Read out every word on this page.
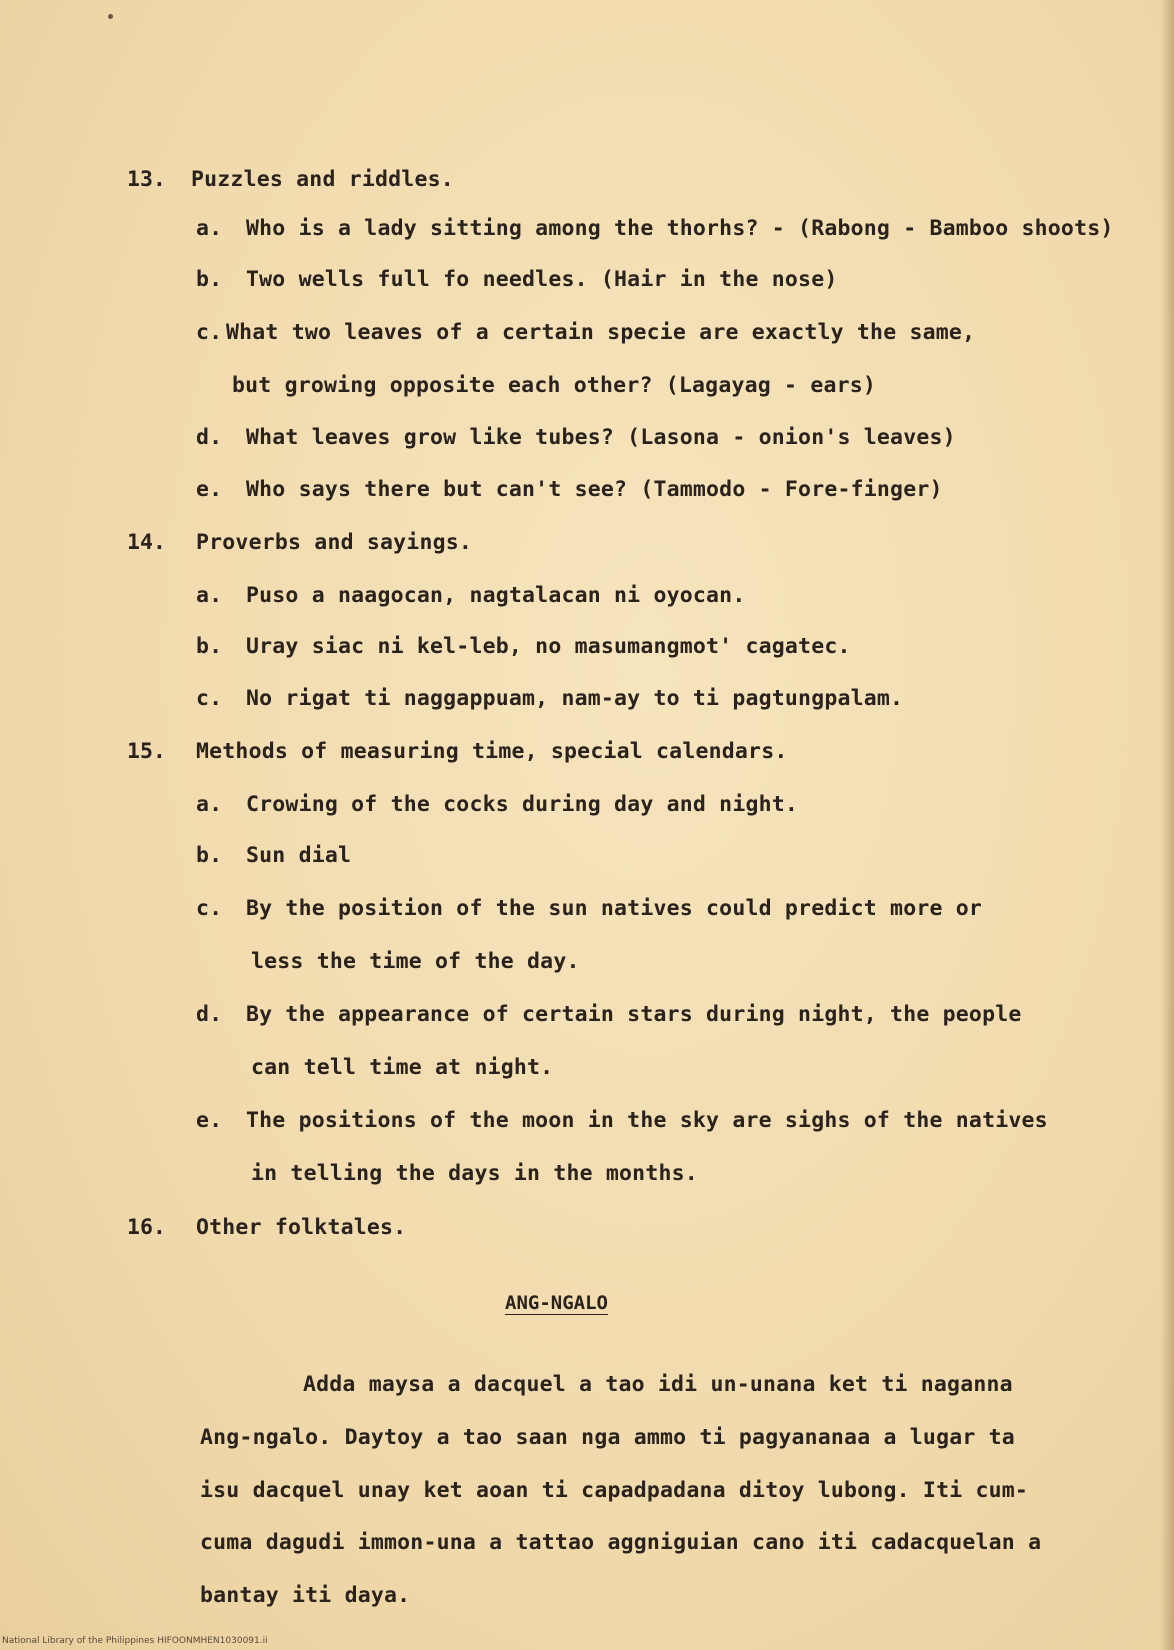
13. Puzzles and riddles.
a. Who is a lady sitting among the thorhs? - (Rabong - Bamboo shoots)
b. Two wells full fo needles. (Hair in the nose)
c. What two leaves of a certain specie are exactly the same,
but growing opposite each other? (Lagayag - ears)
d. What leaves grow like tubes? (Lasona - onion's leaves)
e. Who says there but can't see? (Tammodo - Fore-finger)
14. Proverbs and sayings.
a. Puso a naagocan, nagtalacan ni oyocan.
b. Uray siac ni kel-leb, no masumangmot' cagatec.
c. No rigat ti naggappuam, nam-ay to ti pagtungpalam.
15. Methods of measuring time, special calendars.
a. Crowing of the cocks during day and night.
b. Sun dial
c. By the position of the sun natives could predict more or
less the time of the day.
d. By the appearance of certain stars during night, the people
can tell time at night.
e. The positions of the moon in the sky are sighs of the natives
in telling the days in the months.
16. Other folktales.
ANG-NGALO
Adda maysa a dacquel a tao idi un-unana ket ti naganna
Ang-ngalo. Daytoy a tao saan nga ammo ti pagyananaa a lugar ta
isu dacquel unay ket aoan ti capadpadana ditoy lubong. Iti cum-
cuma dagudi immon-una a tattao aggniguian cano iti cadacquelan a
bantay iti daya.
National Library of the Philippines HIFOONMHEN1030091.ii
